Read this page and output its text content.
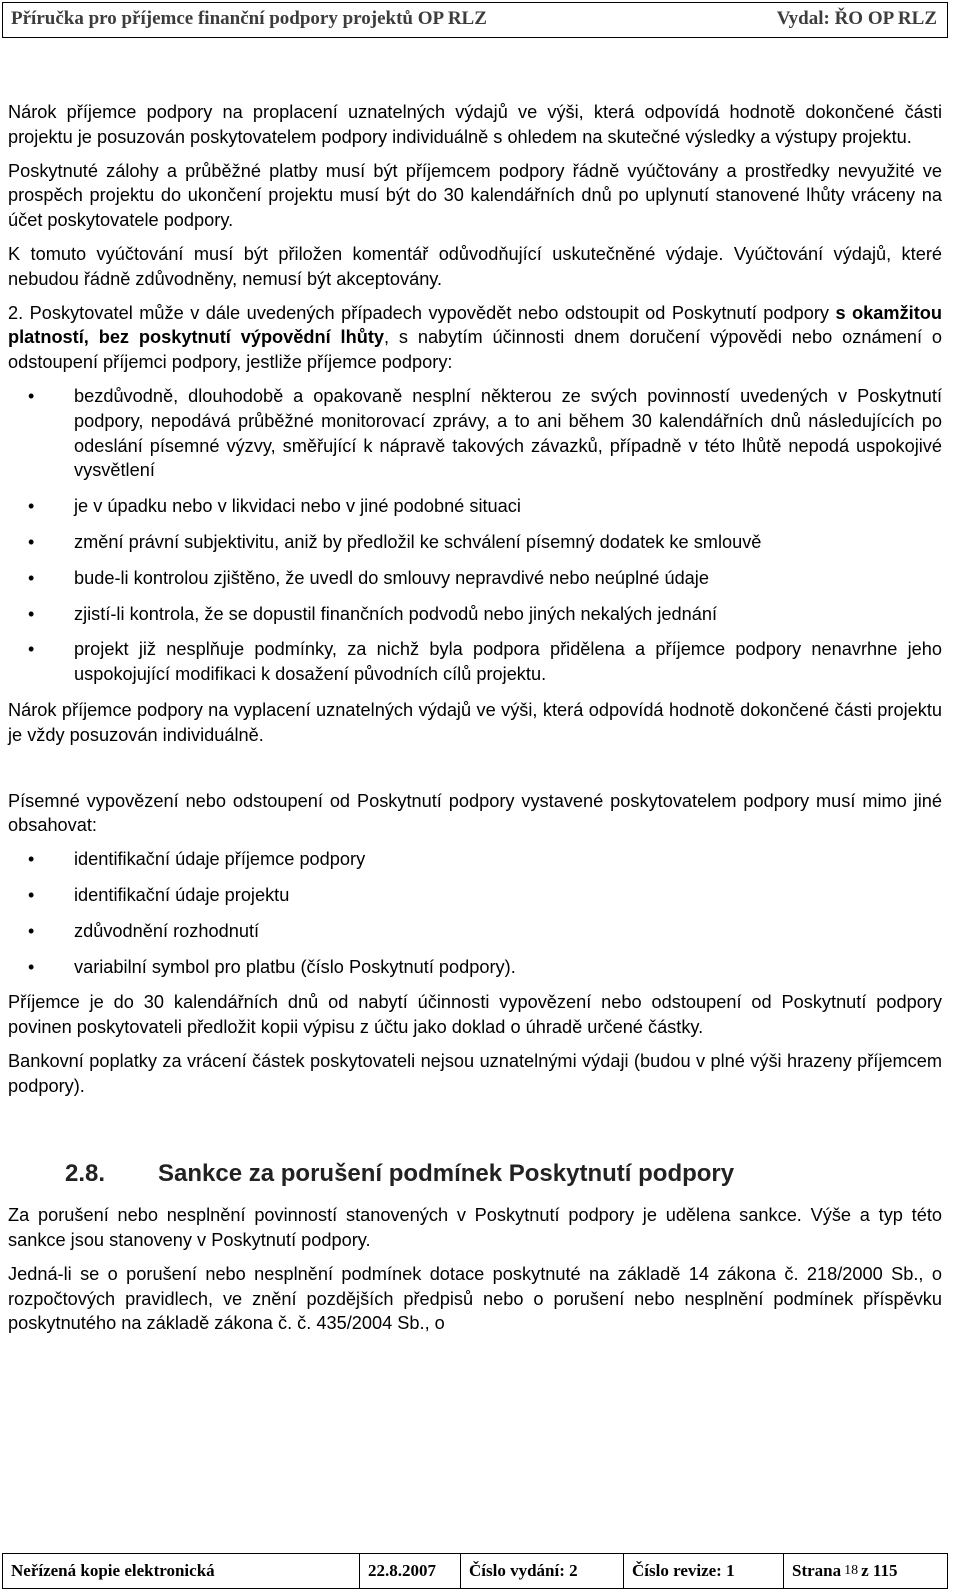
Příručka pro příjemce finanční podpory projektů OP RLZ	Vydal: ŘO OP RLZ

Nárok příjemce podpory na proplacení uznatelných výdajů ve výši, která odpovídá hodnotě dokončené části projektu je posuzován poskytovatelem podpory individuálně s ohledem na skutečné výsledky a výstupy projektu.

Poskytnuté zálohy a průběžné platby musí být příjemcem podpory řádně vyúčtovány a prostředky nevyužité ve prospěch projektu do ukončení projektu musí být do 30 kalendářních dnů po uplynutí stanovené lhůty vráceny na účet poskytovatele podpory.

K tomuto vyúčtování musí být přiložen komentář odůvodňující uskutečněné výdaje. Vyúčtování výdajů, které nebudou řádně zdůvodněny, nemusí být akceptovány.

2. Poskytovatel může v dále uvedených případech vypovědět nebo odstoupit od Poskytnutí podpory s okamžitou platností, bez poskytnutí výpovědní lhůty, s nabytím účinnosti dnem doručení výpovědi nebo oznámení o odstoupení příjemci podpory, jestliže příjemce podpory:

• bezdůvodně, dlouhodobě a opakovaně nesplní některou ze svých povinností uvedených v Poskytnutí podpory, nepodává průběžné monitorovací zprávy, a to ani během 30 kalendářních dnů následujících po odeslání písemné výzvy, směřující k nápravě takových závazků, případně v této lhůtě nepodá uspokojivé vysvětlení
• je v úpadku nebo v likvidaci nebo v jiné podobné situaci
• změní právní subjektivitu, aniž by předložil ke schválení písemný dodatek ke smlouvě
• bude-li kontrolou zjištěno, že uvedl do smlouvy nepravdivé nebo neúplné údaje
• zjistí-li kontrola, že se dopustil finančních podvodů nebo jiných nekalých jednání
• projekt již nesplňuje podmínky, za nichž byla podpora přidělena a příjemce podpory nenavrhne jeho uspokojující modifikaci k dosažení původních cílů projektu.

Nárok příjemce podpory na vyplacení uznatelných výdajů ve výši, která odpovídá hodnotě dokončené části projektu je vždy posuzován individuálně.

Písemné vypovězení nebo odstoupení od Poskytnutí podpory vystavené poskytovatelem podpory musí mimo jiné obsahovat:

• identifikační údaje příjemce podpory
• identifikační údaje projektu
• zdůvodnění rozhodnutí
• variabilní symbol pro platbu (číslo Poskytnutí podpory).

Příjemce je do 30 kalendářních dnů od nabytí účinnosti vypovězení nebo odstoupení od Poskytnutí podpory povinen poskytovateli předložit kopii výpisu z účtu jako doklad o úhradě určené částky.

Bankovní poplatky za vrácení částek poskytovateli nejsou uznatelnými výdaji (budou v plné výši hrazeny příjemcem podpory).

2.8.	Sankce za porušení podmínek Poskytnutí podpory

Za porušení nebo nesplnění povinností stanovených v Poskytnutí podpory je udělena sankce. Výše a typ této sankce jsou stanoveny v Poskytnutí podpory.

Jedná-li se o porušení nebo nesplnění podmínek dotace poskytnuté na základě 14 zákona č. 218/2000 Sb., o rozpočtových pravidlech, ve znění pozdějších předpisů nebo o porušení nebo nesplnění podmínek příspěvku poskytnutého na základě zákona č. č. 435/2004 Sb., o

Neřízená kopie elektronická	22.8.2007	Číslo vydání: 2	Číslo revize: 1	Strana 18 z
115
